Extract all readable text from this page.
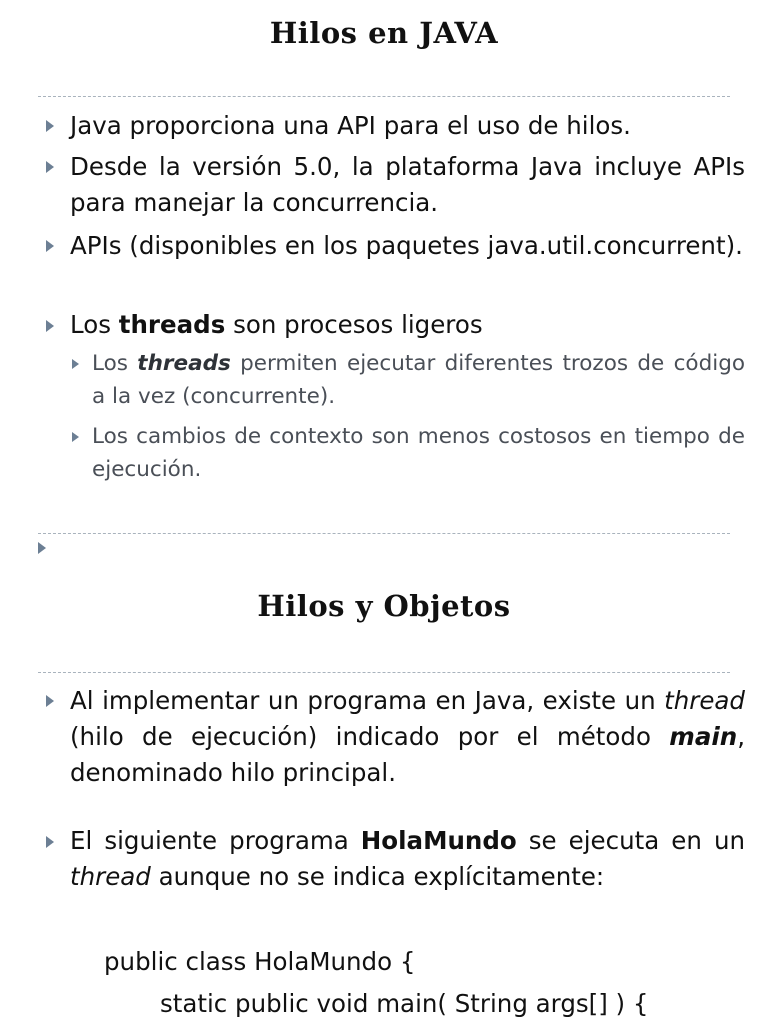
Hilos en JAVA
Java proporciona una API para el uso de hilos.
Desde la versión 5.0, la plataforma Java incluye APIs para manejar la concurrencia.
APIs (disponibles en los paquetes java.util.concurrent).
Los threads son procesos ligeros
Los threads permiten ejecutar diferentes trozos de código a la vez (concurrente).
Los cambios de contexto son menos costosos en tiempo de ejecución.
Hilos y Objetos
Al implementar un programa en Java, existe un thread (hilo de ejecución) indicado por el método main, denominado hilo principal.
El siguiente programa HolaMundo se ejecuta en un thread aunque no se indica explícitamente:
public class HolaMundo {
static public void main( String args[] ) {
